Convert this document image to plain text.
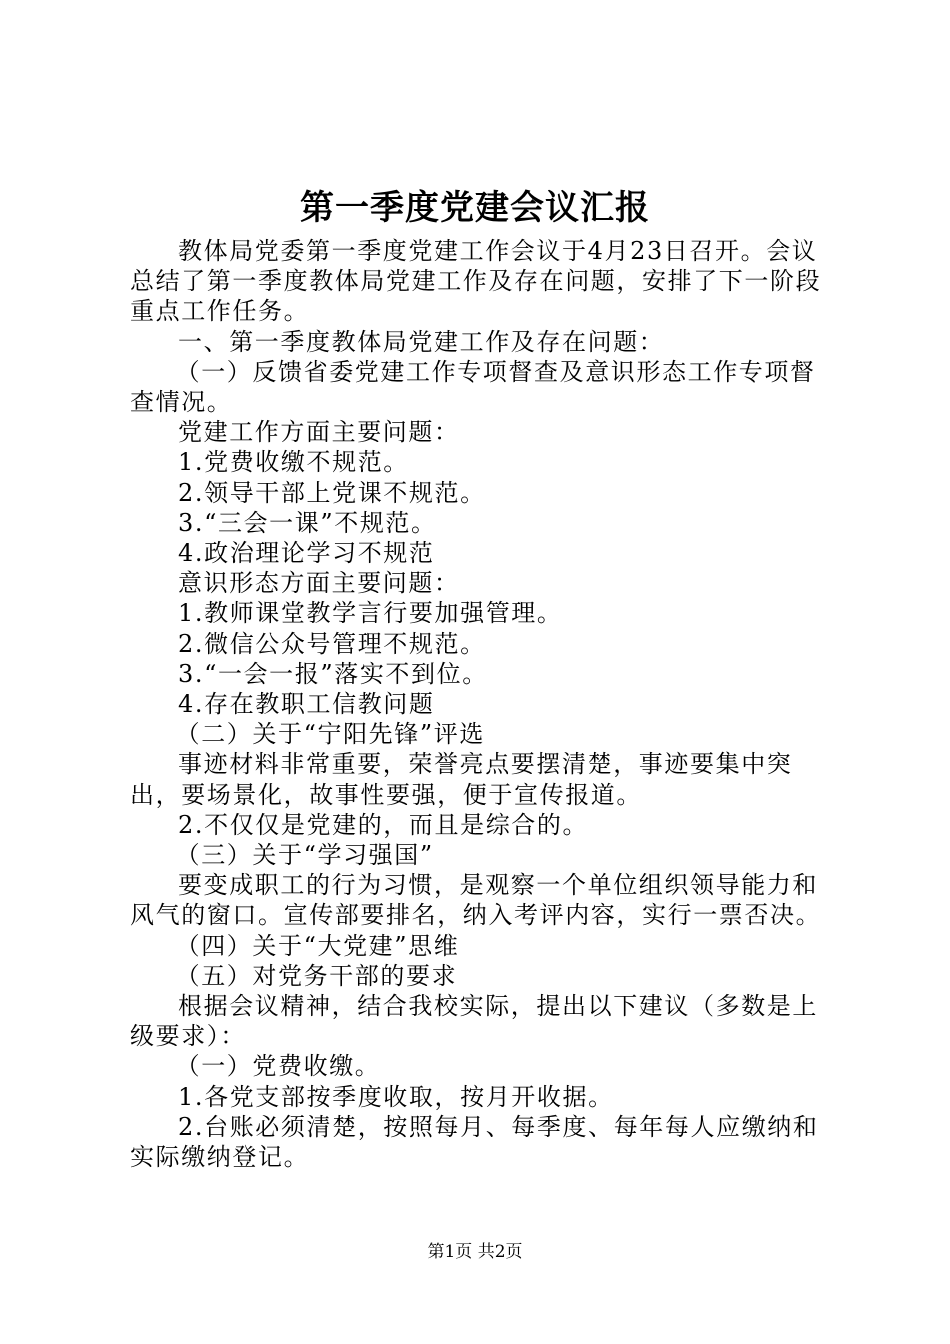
第一季度党建会议汇报

教体局党委第一季度党建工作会议于4月23日召开。会议总结了第一季度教体局党建工作及存在问题，安排了下一阶段重点工作任务。

一、第一季度教体局党建工作及存在问题：

（一）反馈省委党建工作专项督查及意识形态工作专项督查情况。

党建工作方面主要问题：

1.党费收缴不规范。

2.领导干部上党课不规范。

3.“三会一课”不规范。

4.政治理论学习不规范

意识形态方面主要问题：

1.教师课堂教学言行要加强管理。

2.微信公众号管理不规范。

3.“一会一报”落实不到位。

4.存在教职工信教问题

（二）关于“宁阳先锋”评选

事迹材料非常重要，荣誉亮点要摆清楚，事迹要集中突出，要场景化，故事性要强，便于宣传报道。

2.不仅仅是党建的，而且是综合的。

（三）关于“学习强国”

要变成职工的行为习惯，是观察一个单位组织领导能力和风气的窗口。宣传部要排名，纳入考评内容，实行一票否决。

（四）关于“大党建”思维

（五）对党务干部的要求

根据会议精神，结合我校实际，提出以下建议（多数是上级要求）：

（一）党费收缴。

1.各党支部按季度收取，按月开收据。

2.台账必须清楚，按照每月、每季度、每年每人应缴纳和实际缴纳登记。

第1页 共2页
